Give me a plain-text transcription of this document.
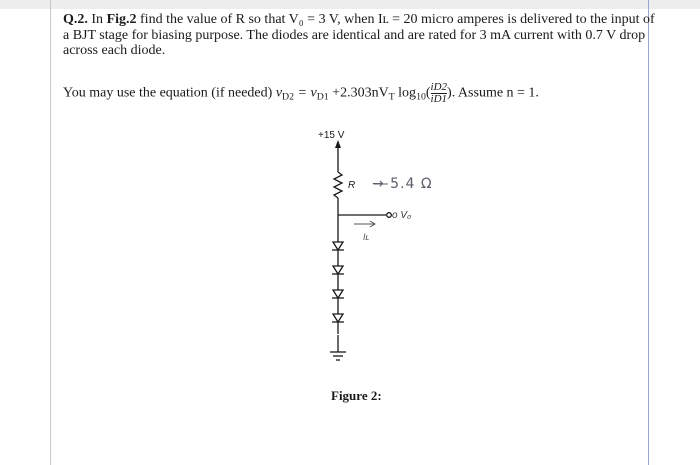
Q.2. In Fig.2 find the value of R so that V₀ = 3 V, when Iʟ = 20 micro amperes is delivered to the input of a BJT stage for biasing purpose. The diodes are identical and are rated for 3 mA current with 0.7 V drop across each diode.
You may use the equation (if needed) $v_{D2} = v_{D1} +2.303nV_T$ $\log_{10}( \frac{iD2}{iD1}$ ). Assume n = 1.
+15 V
R
o V₀
Iʟ
→ 5.4 Ω
Figure 2:
